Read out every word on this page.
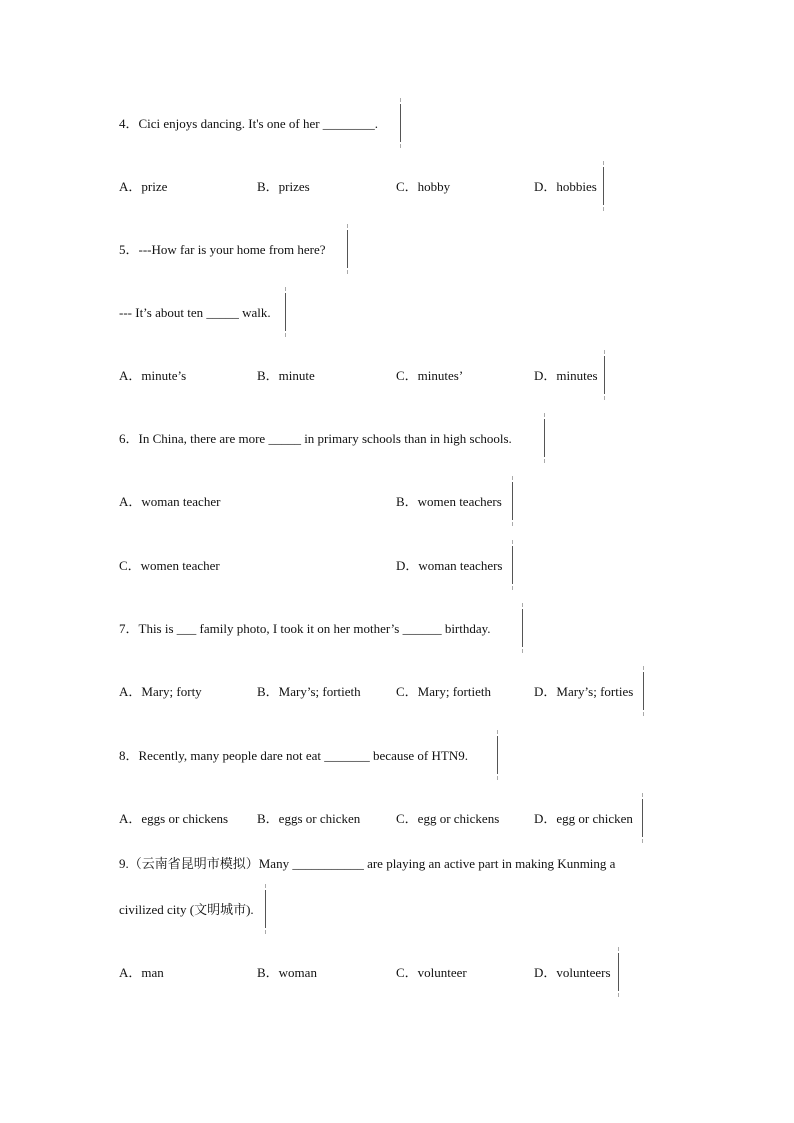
4．Cici enjoys dancing. It's one of her ________.
A．prize	B．prizes	C．hobby	D．hobbies
5．---How far is your home from here?
--- It’s about ten _____ walk.
A．minute’s	B．minute	C．minutes’	D．minutes
6．In China, there are more _____ in primary schools than in high schools.
A．woman teacher	B．women teachers
C．women teacher	D．woman teachers
7．This is ___ family photo, I took it on her mother’s ______ birthday.
A．Mary; forty	B．Mary’s; fortieth	C．Mary; fortieth	D．Mary’s; forties
8．Recently, many people dare not eat _______ because of HTN9.
A．eggs or chickens B．eggs or chicken	C．egg or chickens	D．egg or chicken
9.（云南省昆明市模拟）Many ___________ are playing an active part in making Kunming a
civilized city (文明城市).
A．man	B．woman	C．volunteer	D．volunteers
